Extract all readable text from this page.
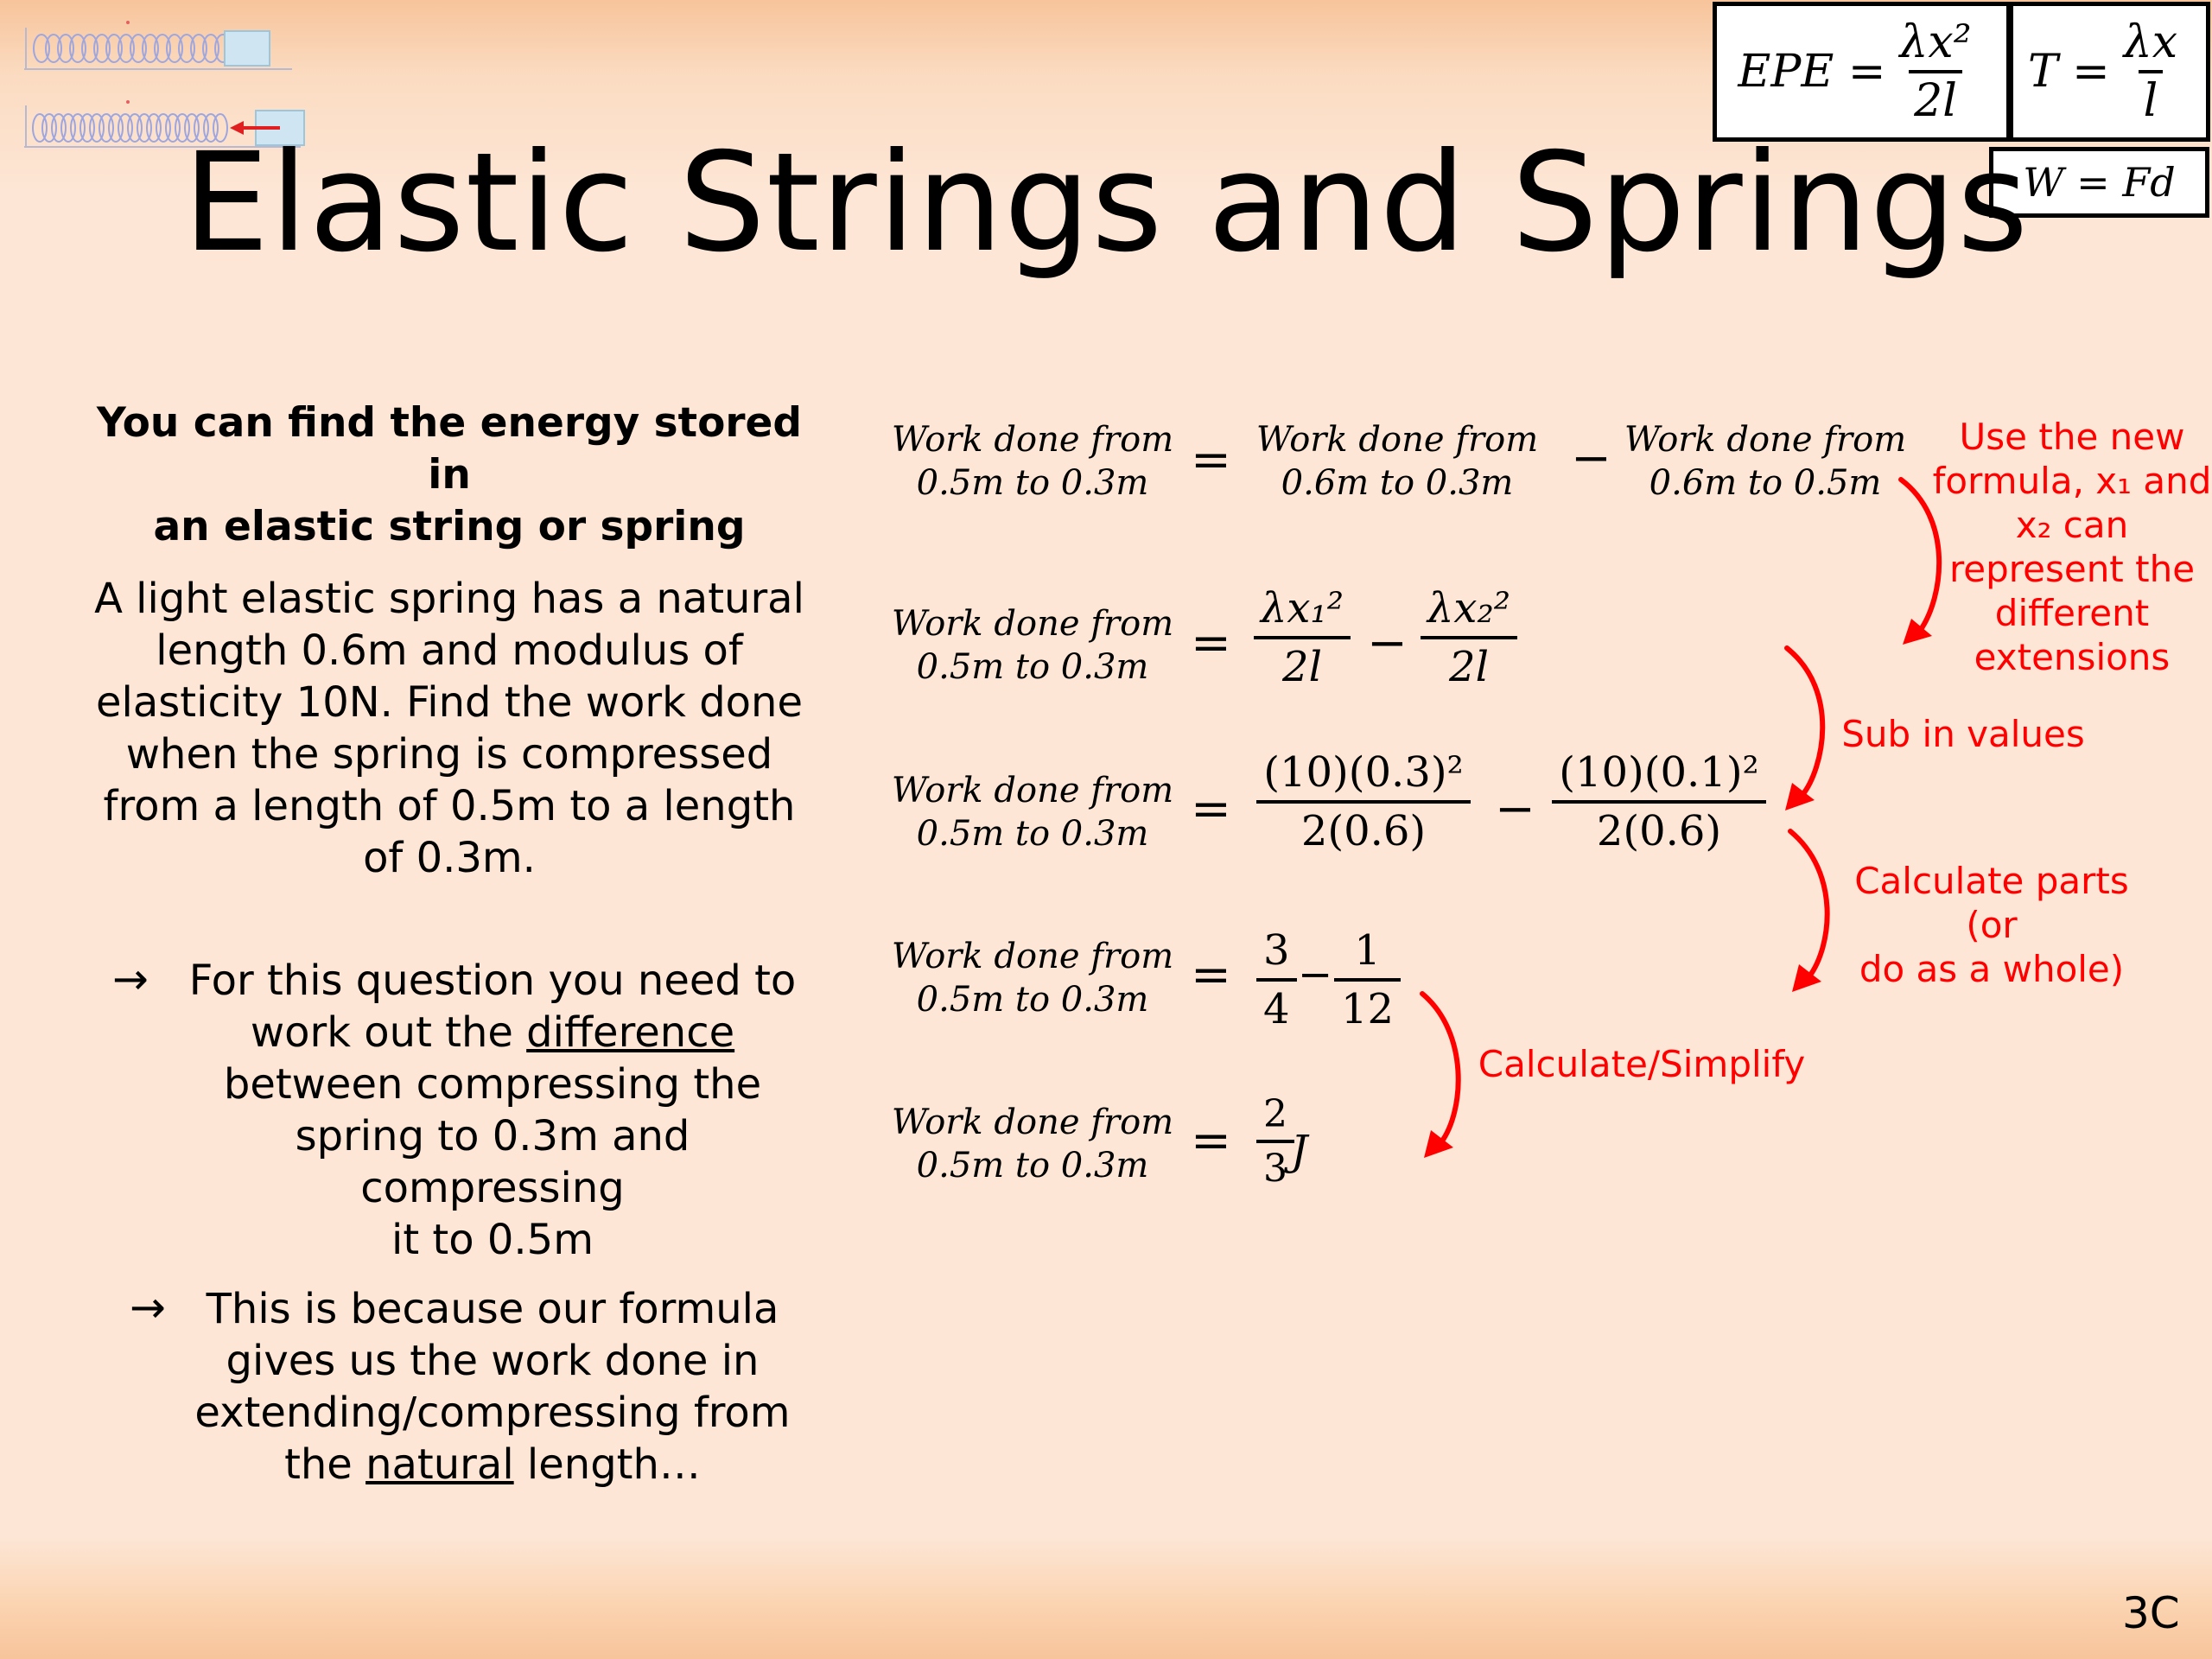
EPE = $\frac{\text{λx²}}{2l}$ $T = \frac{\lambda x}{l}$
W = Fd
Elastic Strings and Springs
You can find the energy stored in
an elastic string or spring
A light elastic spring has a natural
length 0.6m and modulus of
elasticity 10N. Find the work done
when the spring is compressed
from a length of 0.5m to a length
of 0.3m.
→ For this question you need to
work out the difference
between compressing the
spring to 0.3m and compressing
it to 0.5m
→ This is because our formula
gives us the work done in
extending/compressing from
the natural length…
Work done from
0.5m to 0.3m
Work done from
0.5m to 0.3m
Work done from
0.5m to 0.3m
Work done from
0.5m to 0.3m
Work done from
0.5m to 0.3m
= Work done from
0.6m to 0.3m	− Work done from
0.6m to 0.5m
= $\frac{\text{λx₁²}}{2l} - \frac{\text{λx₂²}}{2l}$
= $\frac{\text{(10)(0.3)²}}{2(0.6)} - \frac{\text{(10)(0.1)²}}{2(0.6)}$
= $\frac{3}{4} - \frac{1}{12}$
= $\frac{2}{3}$ J
Use the new
formula, x₁ and
x₂ can
represent the
different
extensions
Sub in values
Calculate parts (or
do as a whole)
Calculate/Simplify
3C
